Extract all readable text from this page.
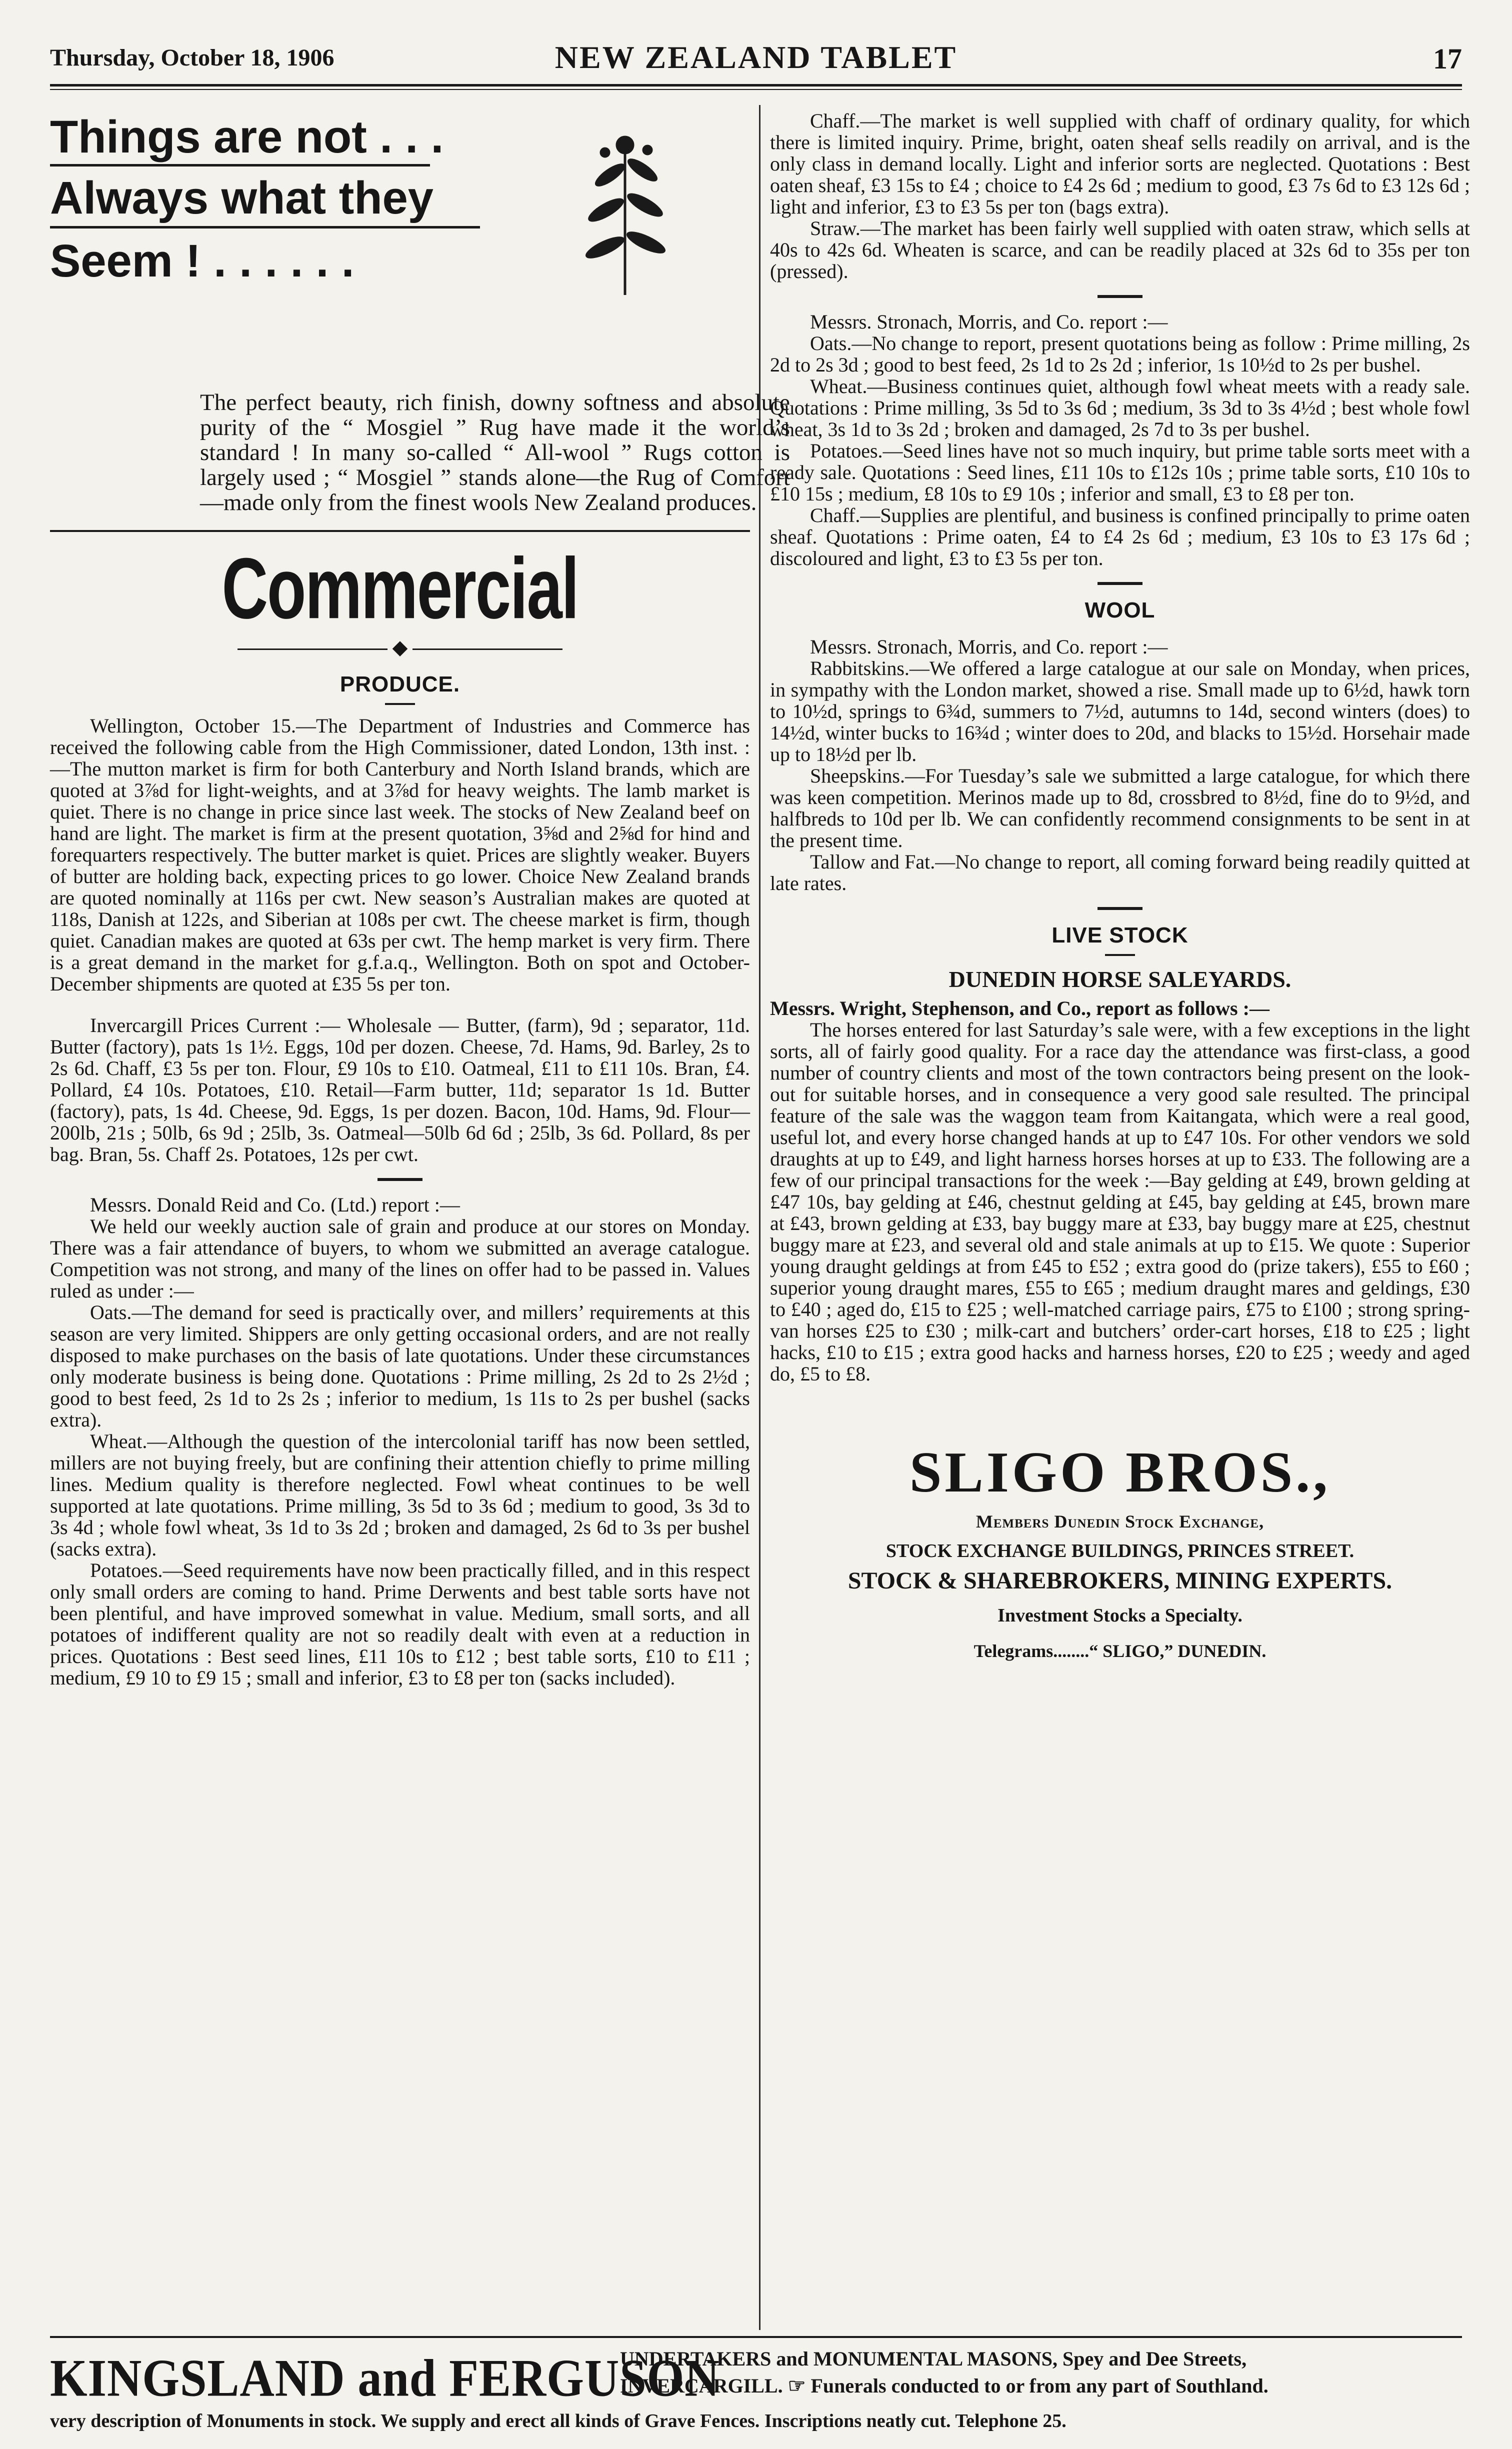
Thursday, October 18, 1906	NEW ZEALAND TABLET	17
Things are not . . .
Always what they
Seem ! . . . . . .

The perfect beauty, rich finish, downy softness and absolute purity of the “ Mosgiel ” Rug have made it the world’s standard ! In many so-called “ All-wool ” Rugs cotton is largely used ; “ Mosgiel ” stands alone—the Rug of Comfort—made only from the finest wools New Zealand produces.

Commercial
◆
PRODUCE.

Wellington, October 15.—The Department of Industries and Commerce has received the following cable from the High Commissioner, dated London, 13th inst. :—The mutton market is firm for both Canterbury and North Island brands, which are quoted at 3⅞d for light-weights, and at 3⅞d for heavy weights. The lamb market is quiet. There is no change in price since last week. The stocks of New Zealand beef on hand are light. The market is firm at the present quotation, 3⅝d and 2⅝d for hind and forequarters respectively. The butter market is quiet. Prices are slightly weaker. Buyers of butter are holding back, expecting prices to go lower. Choice New Zealand brands are quoted nominally at 116s per cwt. New season’s Australian makes are quoted at 118s, Danish at 122s, and Siberian at 108s per cwt. The cheese market is firm, though quiet. Canadian makes are quoted at 63s per cwt. The hemp market is very firm. There is a great demand in the market for g.f.a.q., Wellington. Both on spot and October-December shipments are quoted at £35 5s per ton.

Invercargill Prices Current :— Wholesale — Butter, (farm), 9d ; separator, 11d. Butter (factory), pats 1s 1½. Eggs, 10d per dozen. Cheese, 7d. Hams, 9d. Barley, 2s to 2s 6d. Chaff, £3 5s per ton. Flour, £9 10s to £10. Oatmeal, £11 to £11 10s. Bran, £4. Pollard, £4 10s. Potatoes, £10. Retail—Farm butter, 11d; separator 1s 1d. Butter (factory), pats, 1s 4d. Cheese, 9d. Eggs, 1s per dozen. Bacon, 10d. Hams, 9d. Flour—200lb, 21s ; 50lb, 6s 9d ; 25lb, 3s. Oatmeal—50lb 6d 6d ; 25lb, 3s 6d. Pollard, 8s per bag. Bran, 5s. Chaff 2s. Potatoes, 12s per cwt.

Messrs. Donald Reid and Co. (Ltd.) report :—

We held our weekly auction sale of grain and produce at our stores on Monday. There was a fair attendance of buyers, to whom we submitted an average catalogue. Competition was not strong, and many of the lines on offer had to be passed in. Values ruled as under :—

Oats.—The demand for seed is practically over, and millers’ requirements at this season are very limited. Shippers are only getting occasional orders, and are not really disposed to make purchases on the basis of late quotations. Under these circumstances only moderate business is being done. Quotations : Prime milling, 2s 2d to 2s 2½d ; good to best feed, 2s 1d to 2s 2s ; inferior to medium, 1s 11s to 2s per bushel (sacks extra).

Wheat.—Although the question of the intercolonial tariff has now been settled, millers are not buying freely, but are confining their attention chiefly to prime milling lines. Medium quality is therefore neglected. Fowl wheat continues to be well supported at late quotations. Prime milling, 3s 5d to 3s 6d ; medium to good, 3s 3d to 3s 4d ; whole fowl wheat, 3s 1d to 3s 2d ; broken and damaged, 2s 6d to 3s per bushel (sacks extra).

Potatoes.—Seed requirements have now been practically filled, and in this respect only small orders are coming to hand. Prime Derwents and best table sorts have not been plentiful, and have improved somewhat in value. Medium, small sorts, and all potatoes of indifferent quality are not so readily dealt with even at a reduction in prices. Quotations : Best seed lines, £11 10s to £12 ; best table sorts, £10 to £11 ; medium, £9 10 to £9 15 ; small and inferior, £3 to £8 per ton (sacks included).

Chaff.—The market is well supplied with chaff of ordinary quality, for which there is limited inquiry. Prime, bright, oaten sheaf sells readily on arrival, and is the only class in demand locally. Light and inferior sorts are neglected. Quotations : Best oaten sheaf, £3 15s to £4 ; choice to £4 2s 6d ; medium to good, £3 7s 6d to £3 12s 6d ; light and inferior, £3 to £3 5s per ton (bags extra).

Straw.—The market has been fairly well supplied with oaten straw, which sells at 40s to 42s 6d. Wheaten is scarce, and can be readily placed at 32s 6d to 35s per ton (pressed).

Messrs. Stronach, Morris, and Co. report :—

Oats.—No change to report, present quotations being as follow : Prime milling, 2s 2d to 2s 3d ; good to best feed, 2s 1d to 2s 2d ; inferior, 1s 10½d to 2s per bushel.

Wheat.—Business continues quiet, although fowl wheat meets with a ready sale. Quotations : Prime milling, 3s 5d to 3s 6d ; medium, 3s 3d to 3s 4½d ; best whole fowl wheat, 3s 1d to 3s 2d ; broken and damaged, 2s 7d to 3s per bushel.

Potatoes.—Seed lines have not so much inquiry, but prime table sorts meet with a ready sale. Quotations : Seed lines, £11 10s to £12s 10s ; prime table sorts, £10 10s to £10 15s ; medium, £8 10s to £9 10s ; inferior and small, £3 to £8 per ton.

Chaff.—Supplies are plentiful, and business is confined principally to prime oaten sheaf. Quotations : Prime oaten, £4 to £4 2s 6d ; medium, £3 10s to £3 17s 6d ; discoloured and light, £3 to £3 5s per ton.

WOOL

Messrs. Stronach, Morris, and Co. report :—

Rabbitskins.—We offered a large catalogue at our sale on Monday, when prices, in sympathy with the London market, showed a rise. Small made up to 6½d, hawk torn to 10½d, springs to 6¾d, summers to 7½d, autumns to 14d, second winters (does) to 14½d, winter bucks to 16¾d ; winter does to 20d, and blacks to 15½d. Horsehair made up to 18½d per lb.

Sheepskins.—For Tuesday’s sale we submitted a large catalogue, for which there was keen competition. Merinos made up to 8d, crossbred to 8½d, fine do to 9½d, and halfbreds to 10d per lb. We can confidently recommend consignments to be sent in at the present time.

Tallow and Fat.—No change to report, all coming forward being readily quitted at late rates.

LIVE STOCK
DUNEDIN HORSE SALEYARDS.

Messrs. Wright, Stephenson, and Co., report as follows :—

The horses entered for last Saturday’s sale were, with a few exceptions in the light sorts, all of fairly good quality. For a race day the attendance was first-class, a good number of country clients and most of the town contractors being present on the look-out for suitable horses, and in consequence a very good sale resulted. The principal feature of the sale was the waggon team from Kaitangata, which were a real good, useful lot, and every horse changed hands at up to £47 10s. For other vendors we sold draughts at up to £49, and light harness horses horses at up to £33. The following are a few of our principal transactions for the week :—Bay gelding at £49, brown gelding at £47 10s, bay gelding at £46, chestnut gelding at £45, bay gelding at £45, brown mare at £43, brown gelding at £33, bay buggy mare at £33, bay buggy mare at £25, chestnut buggy mare at £23, and several old and stale animals at up to £15. We quote : Superior young draught geldings at from £45 to £52 ; extra good do (prize takers), £55 to £60 ; superior young draught mares, £55 to £65 ; medium draught mares and geldings, £30 to £40 ; aged do, £15 to £25 ; well-matched carriage pairs, £75 to £100 ; strong spring-van horses £25 to £30 ; milk-cart and butchers’ order-cart horses, £18 to £25 ; light hacks, £10 to £15 ; extra good hacks and harness horses, £20 to £25 ; weedy and aged do, £5 to £8.

SLIGO BROS.,
Members Dunedin Stock Exchange,
STOCK EXCHANGE BUILDINGS, PRINCES STREET.
STOCK & SHAREBROKERS, MINING EXPERTS.
Investment Stocks a Specialty.
Telegrams........“ SLIGO,” DUNEDIN.
KINGSLAND and FERGUSON
UNDERTAKERS and MONUMENTAL MASONS, Spey and Dee Streets,
INVERCARGILL. ☞ Funerals conducted to or from any part of Southland.
very description of Monuments in stock. We supply and erect all kinds of Grave Fences. Inscriptions neatly cut. Telephone 25.
